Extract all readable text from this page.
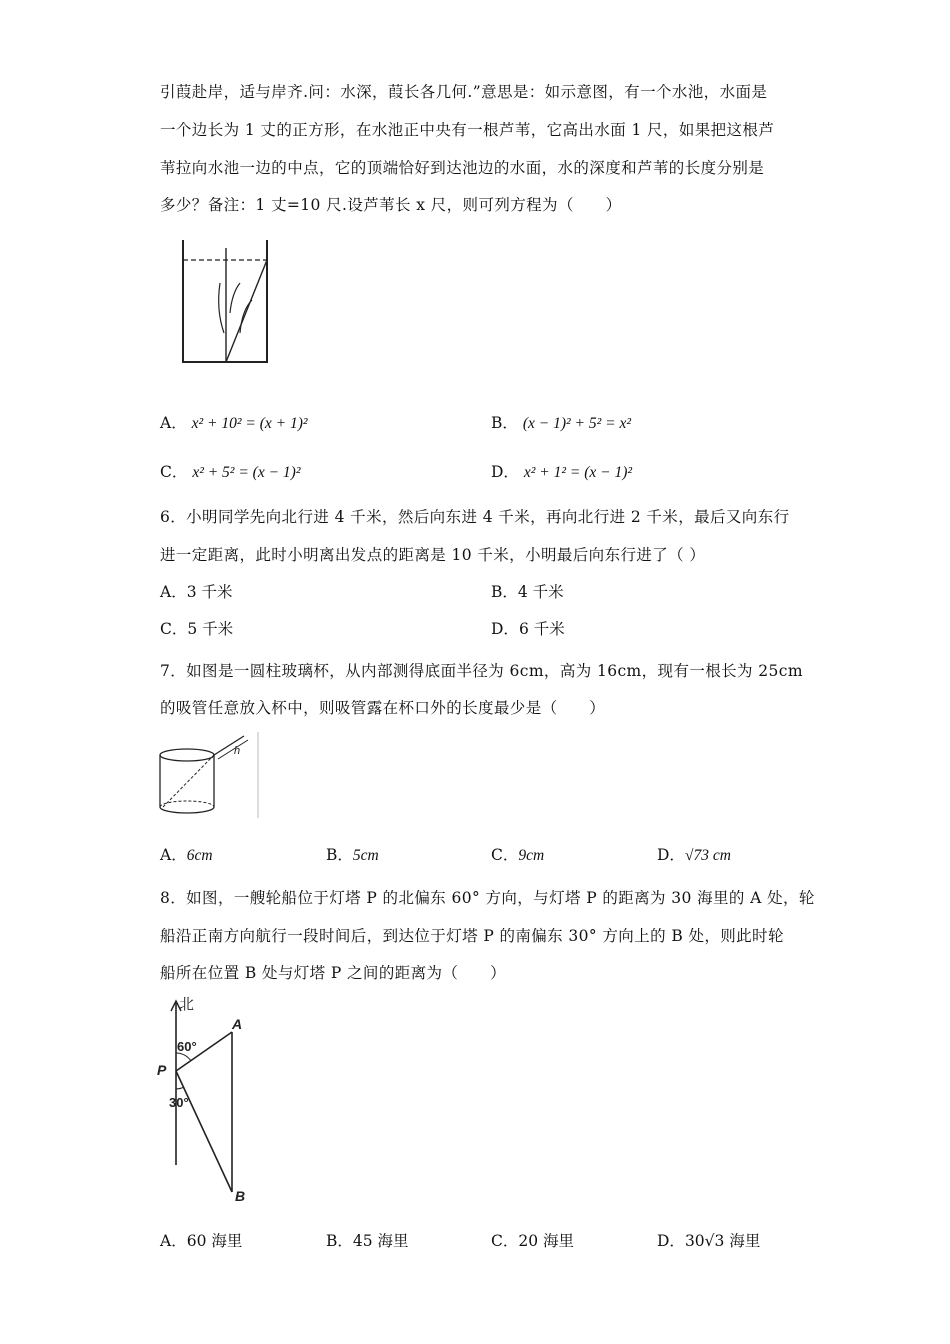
引葭赴岸，适与岸齐.问：水深，葭长各几何.”意思是：如示意图，有一个水池，水面是
一个边长为 1 丈的正方形，在水池正中央有一根芦苇，它高出水面 1 尺，如果把这根芦
苇拉向水池一边的中点，它的顶端恰好到达池边的水面，水的深度和芦苇的长度分别是
多少？备注：1 丈=10 尺.设芦苇长 x 尺，则可列方程为（　　）
A． x² + 10² = (x + 1)²	B． (x − 1)² + 5² = x²
C． x² + 5² = (x − 1)²	D． x² + 1² = (x − 1)²
6．小明同学先向北行进 4 千米，然后向东进 4 千米，再向北行进 2 千米，最后又向东行
进一定距离，此时小明离出发点的距离是 10 千米，小明最后向东行进了（ ）
A．3 千米	B．4 千米
C．5 千米	D．6 千米
7．如图是一圆柱玻璃杯，从内部测得底面半径为 6cm，高为 16cm，现有一根长为 25cm
的吸管任意放入杯中，则吸管露在杯口外的长度最少是（　　）
h
A．6cm	B．5cm	C．9cm	D．√73 cm
8．如图，一艘轮船位于灯塔 P 的北偏东 60° 方向，与灯塔 P 的距离为 30 海里的 A 处，轮
船沿正南方向航行一段时间后，到达位于灯塔 P 的南偏东 30° 方向上的 B 处，则此时轮
船所在位置 B 处与灯塔 P 之间的距离为（　　）
北
A
P
B
60°
30°
A．60 海里	B．45 海里	C．20 海里	D．30√3 海里
